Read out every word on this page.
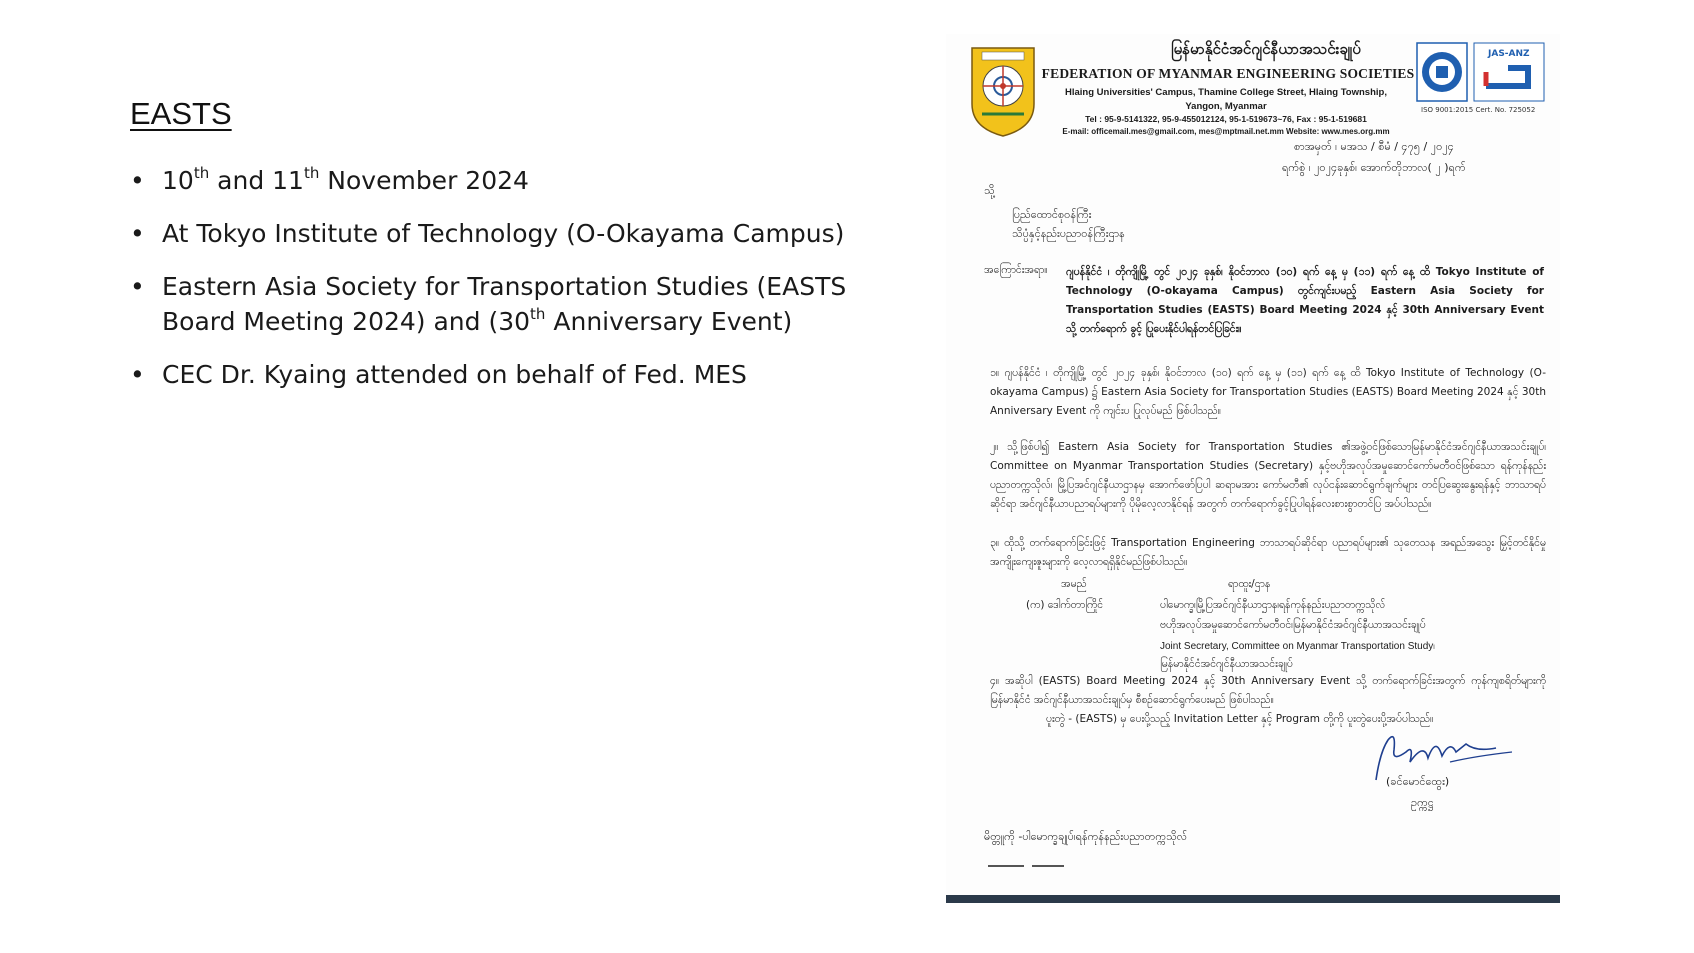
EASTS
• 10th and 11th November 2024
• At Tokyo Institute of Technology (O-Okayama Campus)
• Eastern Asia Society for Transportation Studies (EASTS Board Meeting 2024) and (30th Anniversary Event)
• CEC Dr. Kyaing attended on behalf of Fed. MES
JAS-ANZ
ISO 9001:2015 Cert. No. 725052
မြန်မာနိုင်ငံအင်ဂျင်နီယာအသင်းချုပ်
FEDERATION OF MYANMAR ENGINEERING SOCIETIES
Hlaing Universities' Campus, Thamine College Street, Hlaing Township,
Yangon, Myanmar
Tel : 95-9-5141322, 95-9-455012124, 95-1-519673~76, Fax : 95-1-519681
E-mail: officemail.mes@gmail.com, mes@mptmail.net.mm Website: www.mes.org.mm
စာအမှတ် ၊ မအသ / စီမံ / ၄၇၅ / ၂၀၂၄
ရက်စွဲ ၊ ၂၀၂၄ခုနှစ်၊ အောက်တိုဘာလ( ၂ )ရက်
သို့
ပြည်ထောင်စုဝန်ကြီး
သိပ္ပံနှင့်နည်းပညာဝန်ကြီးဌာန
အကြောင်းအရာ။ ဂျပန်နိုင်ငံ ၊ တိုကျိုမြို့ တွင် ၂၀၂၄ ခုနှစ်၊ နိုဝင်ဘာလ (၁၀) ရက် နေ့ မှ (၁၁) ရက် နေ့ ထိ Tokyo Institute of Technology (O-okayama Campus) တွင်ကျင်းပမည့် Eastern Asia Society for Transportation Studies (EASTS) Board Meeting 2024 နှင့် 30th Anniversary Event သို့ တက်ရောက် ခွင့် ပြုပေးနိုင်ပါရန်တင်ပြခြင်း။
၁။ ဂျပန်နိုင်ငံ ၊ တိုကျိုမြို့ တွင် ၂၀၂၄ ခုနှစ်၊ နိုဝင်ဘာလ (၁၀) ရက် နေ့ မှ (၁၁) ရက် နေ့ ထိ Tokyo Institute of Technology (O-okayama Campus) ၌ Eastern Asia Society for Transportation Studies (EASTS) Board Meeting 2024 နှင့် 30th Anniversary Event ကို ကျင်းပ ပြုလုပ်မည် ဖြစ်ပါသည်။
၂။ သို့ဖြစ်ပါ၍ Eastern Asia Society for Transportation Studies ၏အဖွဲ့ဝင်ဖြစ်သောမြန်မာနိုင်ငံအင်ဂျင်နီယာအသင်းချုပ်၊ Committee on Myanmar Transportation Studies (Secretary) နှင့်ဗဟိုအလုပ်အမှုဆောင်ကော်မတီဝင်ဖြစ်သော ရန်ကုန်နည်းပညာတက္ကသိုလ်၊ မြို့ပြအင်ဂျင်နီယာဌာနမှ အောက်ဖော်ပြပါ ဆရာမအား ကော်မတီ၏ လုပ်ငန်းဆောင်ရွက်ချက်များ တင်ပြဆွေးနွေးရန်နှင့် ဘာသာရပ်ဆိုင်ရာ အင်ဂျင်နီယာပညာရပ်များကို ပိုမိုလေ့လာနိုင်ရန် အတွက် တက်ရောက်ခွင့်ပြုပါရန်လေးစားစွာတင်ပြ အပ်ပါသည်။
၃။ ထိုသို့ တက်ရောက်ခြင်းဖြင့် Transportation Engineering ဘာသာရပ်ဆိုင်ရာ ပညာရပ်များ၏ သုတေသန အရည်အသွေး မြှင့်တင်နိုင်မှု အကျိုးကျေးဇူးများကို လေ့လာရရှိနိုင်မည်ဖြစ်ပါသည်။
အမည်	ရာထူး/ဌာန
(က) ဒေါက်တာကြိုင်	ပါမောက္ခ၊မြို့ပြအင်ဂျင်နီယာဌာန၊ရန်ကုန်နည်းပညာတက္ကသိုလ်
ဗဟိုအလုပ်အမှုဆောင်ကော်မတီဝင်၊မြန်မာနိုင်ငံအင်ဂျင်နီယာအသင်းချုပ်
Joint Secretary, Committee on Myanmar Transportation Study၊
မြန်မာနိုင်ငံအင်ဂျင်နီယာအသင်းချုပ်
၄။ အဆိုပါ (EASTS) Board Meeting 2024 နှင့် 30th Anniversary Event သို့ တက်ရောက်ခြင်းအတွက် ကုန်ကျစရိတ်များကို မြန်မာနိုင်ငံ အင်ဂျင်နီယာအသင်းချုပ်မှ စီစဉ်ဆောင်ရွက်ပေးမည် ဖြစ်ပါသည်။
ပူးတွဲ - (EASTS) မှ ပေးပို့သည့် Invitation Letter နှင့် Program တို့ကို ပူးတွဲပေးပို့အပ်ပါသည်။
(ခင်မောင်ထွေး)
ဥက္ကဋ္ဌ
မိတ္တူကို -ပါမောက္ခချုပ်၊ရန်ကုန်နည်းပညာတက္ကသိုလ်
